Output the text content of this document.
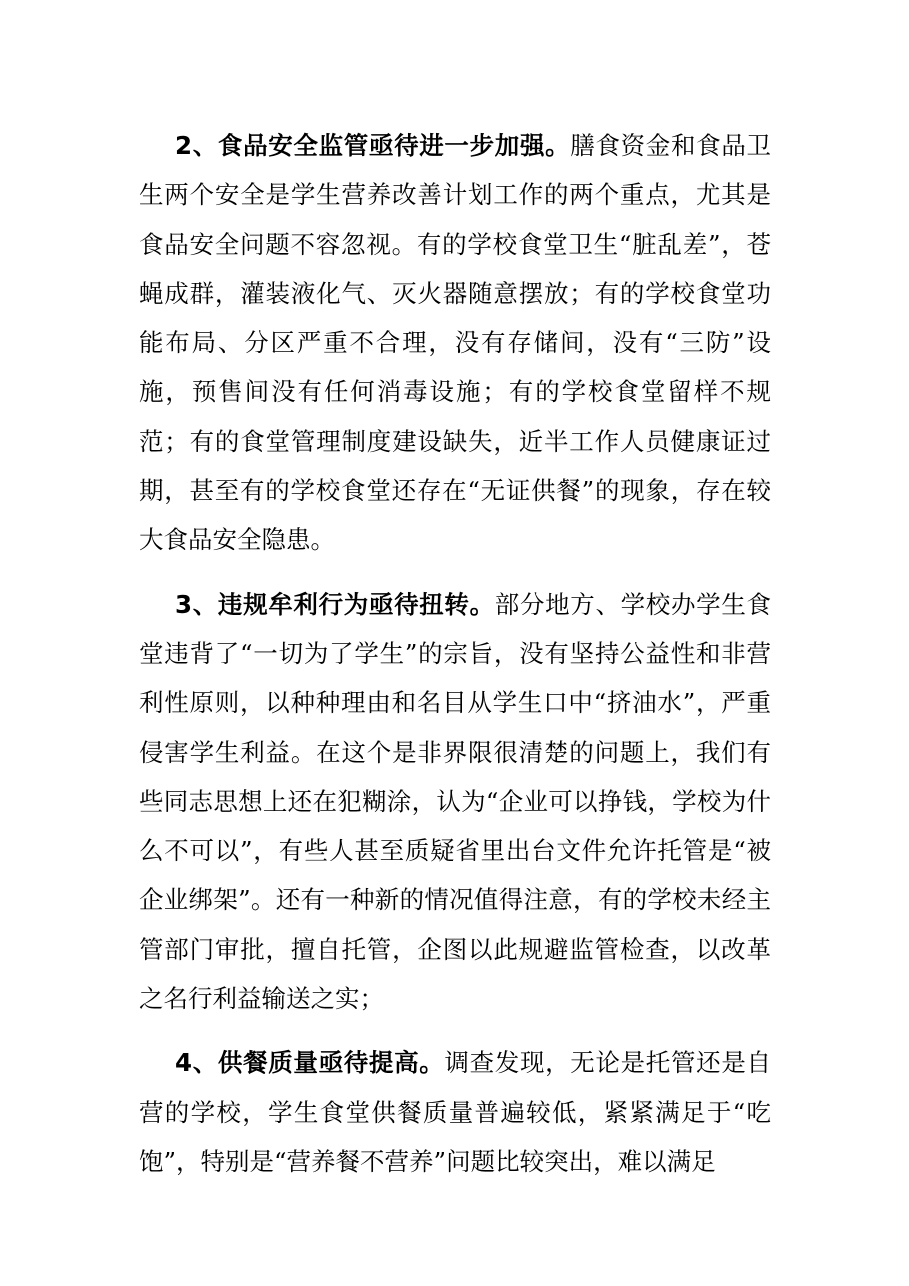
2、食品安全监管亟待进一步加强。膳食资金和食品卫生两个安全是学生营养改善计划工作的两个重点，尤其是食品安全问题不容忽视。有的学校食堂卫生“脏乱差”，苍蝇成群，灌装液化气、灭火器随意摆放；有的学校食堂功能布局、分区严重不合理，没有存储间，没有“三防”设施，预售间没有任何消毒设施；有的学校食堂留样不规范；有的食堂管理制度建设缺失，近半工作人员健康证过期，甚至有的学校食堂还存在“无证供餐”的现象，存在较大食品安全隐患。

3、违规牟利行为亟待扭转。部分地方、学校办学生食堂违背了“一切为了学生”的宗旨，没有坚持公益性和非营利性原则，以种种理由和名目从学生口中“挤油水”，严重侵害学生利益。在这个是非界限很清楚的问题上，我们有些同志思想上还在犯糊涂，认为“企业可以挣钱，学校为什么不可以”，有些人甚至质疑省里出台文件允许托管是“被企业绑架”。还有一种新的情况值得注意，有的学校未经主管部门审批，擅自托管，企图以此规避监管检查，以改革之名行利益输送之实；

4、供餐质量亟待提高。调查发现，无论是托管还是自营的学校，学生食堂供餐质量普遍较低，紧紧满足于“吃饱”，特别是“营养餐不营养”问题比较突出，难以满足
